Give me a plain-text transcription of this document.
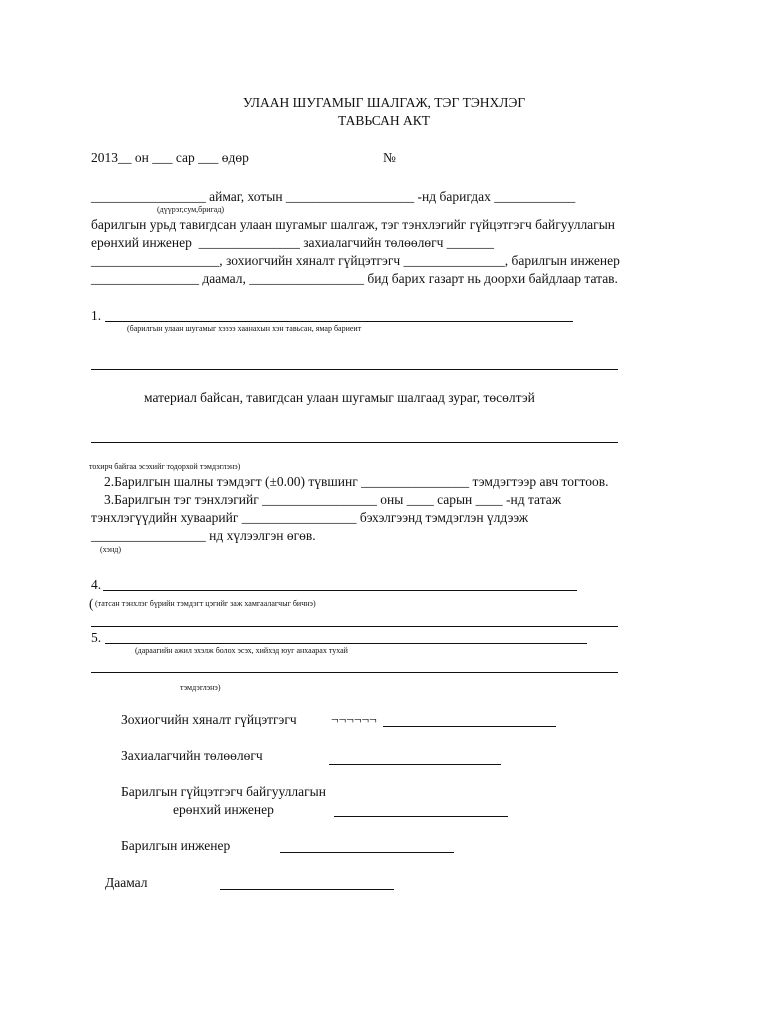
УЛААН ШУГАМЫГ ШАЛГАЖ, ТЭГ ТЭНХЛЭГ
ТАВЬСАН АКТ
2013__ он ___ сар ___ өдөр	№
_________________ аймаг, хотын ___________________ -нд баригдах ____________
(дүүрэг,сум,бригад)
барилгын урьд тавигдсан улаан шугамыг шалгаж, тэг тэнхлэгийг гүйцэтгэгч байгууллагын
ерөнхий инженер  _______________ захиалагчийн төлөөлөгч _______
___________________, зохиогчийн хяналт гүйцэтгэгч _______________, барилгын инженер
________________ даамал, _________________ бид барих газарт нь доорхи байдлаар татав.
1.
(барилгын улаан шугамыг хэзээ хаанахын хэн тавьсан, ямар бариеит
материал байсан, тавигдсан улаан шугамыг шалгаад зураг, төсөлтэй
тохирч байгаа эсэхийг тодорхой тэмдэглэнэ)
2.Барилгын шалны тэмдэгт (±0.00) түвшинг ________________ тэмдэгтээр авч тогтоов.
3.Барилгын тэг тэнхлэгийг _________________ оны ____ сарын ____ -нд татаж
тэнхлэгүүдийн хуваарийг _________________ бэхэлгээнд тэмдэглэн үлдээж
_________________ нд хүлээлгэн өгөв.
(хэнд)
4.
( (татсан тэнхлэг бүрийн тэмдэгт цэгийг заж хамгаалагчыг бичнэ)
5.
(дараагийн ажил эхэлж болох эсэх, хийхэд юуг анхаарах тухай
тэмдэглэнэ)
Зохиогчийн хяналт гүйцэтгэгч	¬¬¬¬¬¬
Захиалагчийн төлөөлөгч
Барилгын гүйцэтгэгч байгууллагын
ерөнхий инженер
Барилгын инженер
Даамал
